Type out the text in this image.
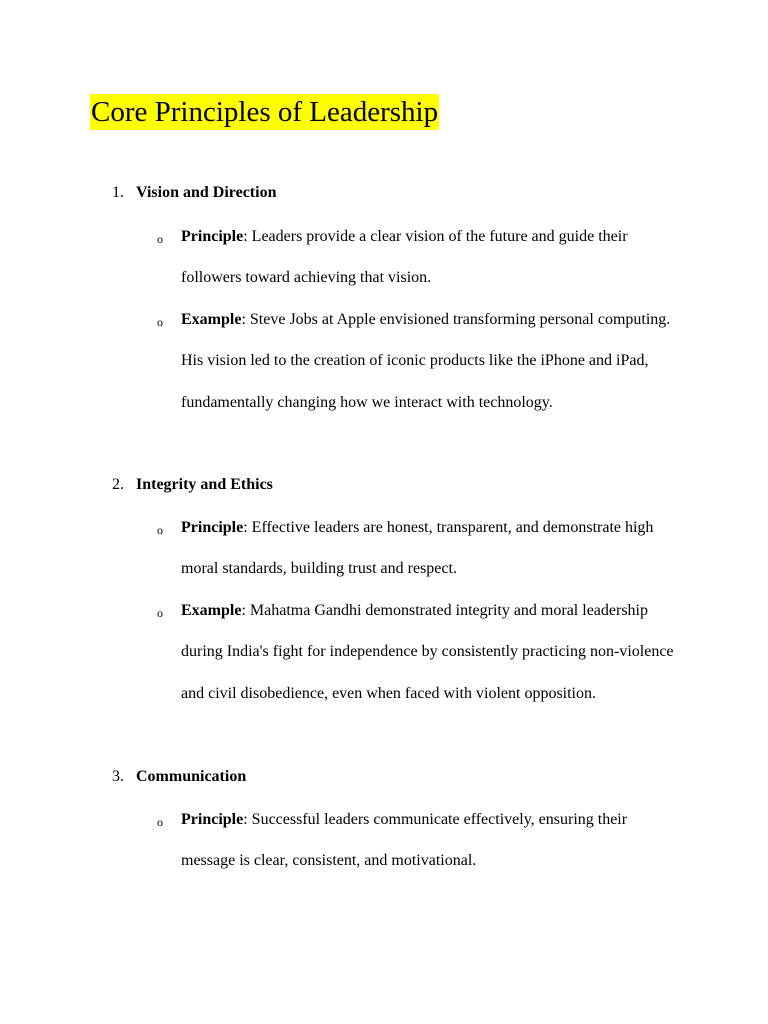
Core Principles of Leadership
1. Vision and Direction
o Principle: Leaders provide a clear vision of the future and guide their followers toward achieving that vision.
o Example: Steve Jobs at Apple envisioned transforming personal computing. His vision led to the creation of iconic products like the iPhone and iPad, fundamentally changing how we interact with technology.
2. Integrity and Ethics
o Principle: Effective leaders are honest, transparent, and demonstrate high moral standards, building trust and respect.
o Example: Mahatma Gandhi demonstrated integrity and moral leadership during India's fight for independence by consistently practicing non-violence and civil disobedience, even when faced with violent opposition.
3. Communication
o Principle: Successful leaders communicate effectively, ensuring their message is clear, consistent, and motivational.
